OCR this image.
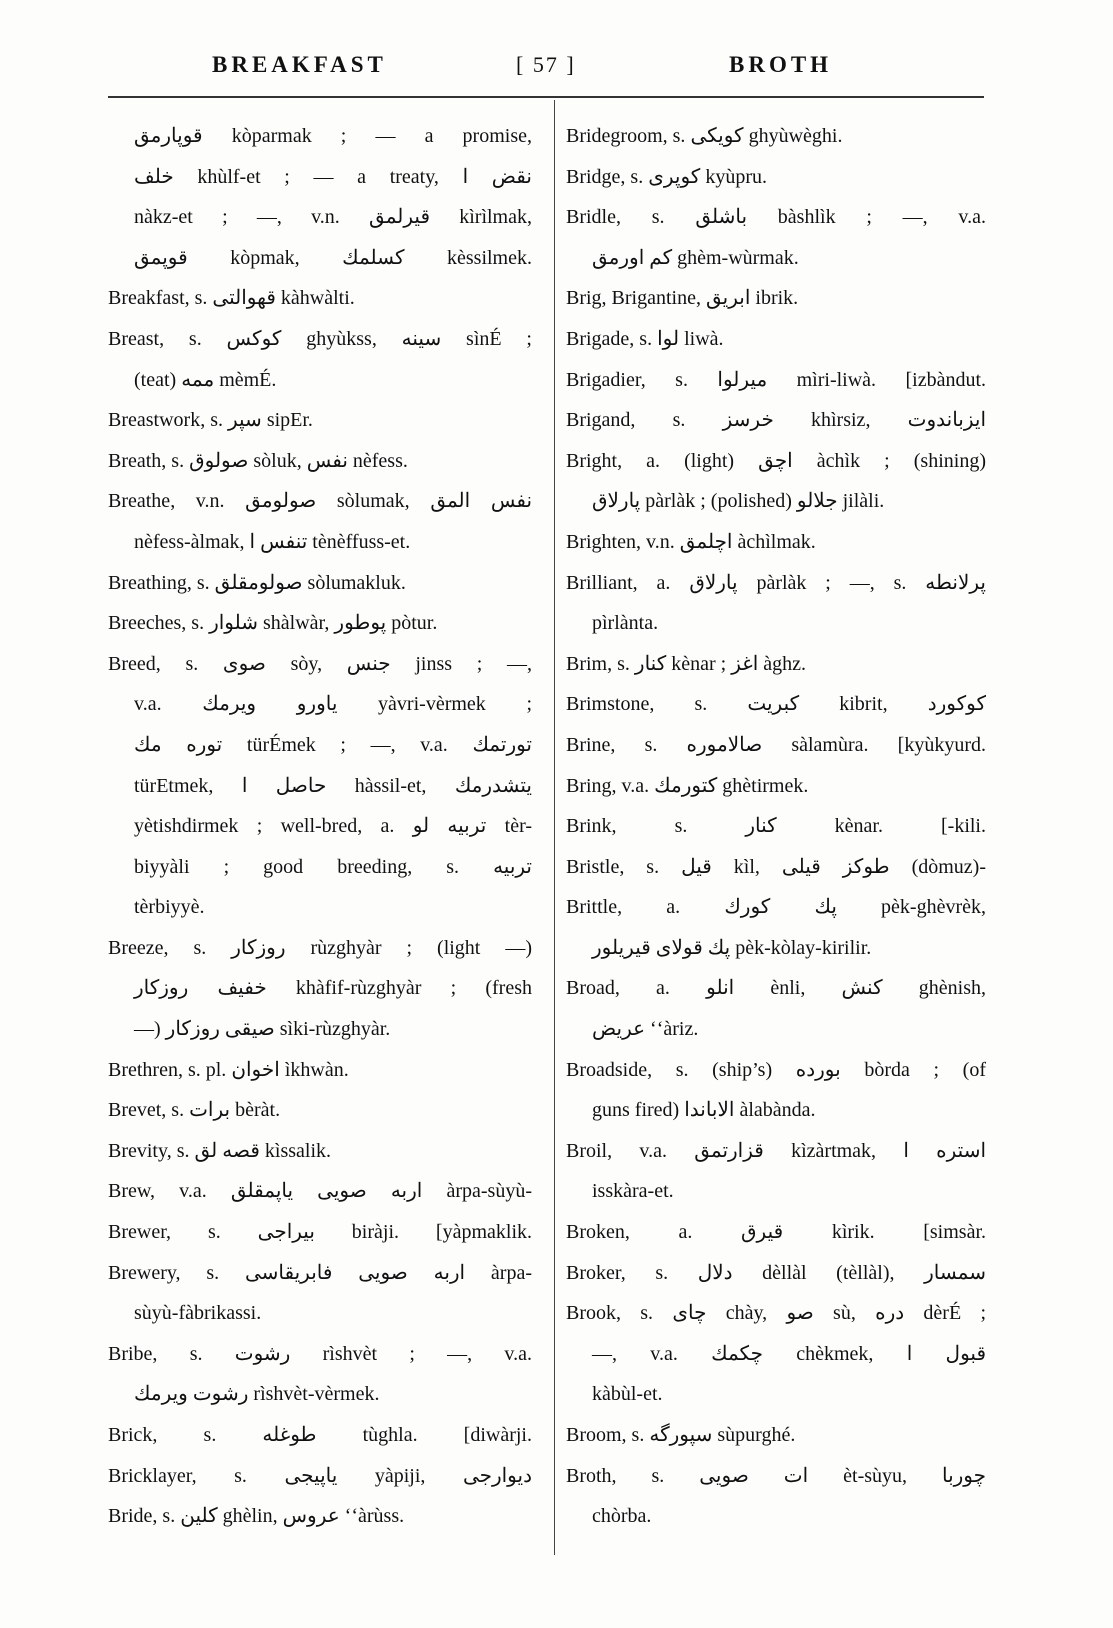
BREAKFAST	[ 57 ]	BROTH
قوپارمق kòparmak ; — a promise,
خلف khùlf-et ; — a treaty, نقض ا
nàkz-et ; —, v.n. قيرلمق kìrìlmak,
قوپمق kòpmak, كسلمك kèssilmek.
Breakfast, s. قهوالتی kàhwàlti.
Breast, s. كوكس ghyùkss, سينه sìnÉ ;
(teat) ممه mèmÉ.
Breastwork, s. سپر sipEr.
Breath, s. صولوق sòluk, نفس nèfess.
Breathe, v.n. صولومق sòlumak, نفس المق
nèfess-àlmak, تنفس ا tènèffuss-et.
Breathing, s. صولومقلق sòlumakluk.
Breeches, s. شلوار shàlwàr, پوطور pòtur.
Breed, s. صوی sòy, جنس jinss ; —,
v.a. ياورو ويرمك yàvri-vèrmek ;
توره مك türÉmek ; —, v.a. تورتمك
türEtmek, حاصل ا hàssil-et, يتشدرمك
yètishdirmek ; well-bred, a. تربيه لو tèr-
biyyàli ; good breeding, s. تربيه
tèrbiyyè.
Breeze, s. روزكار rùzghyàr ; (light —)
خفيف روزكار khàfif-rùzghyàr ; (fresh
—) صيقی روزكار sìki-rùzghyàr.
Brethren, s. pl. اخوان ìkhwàn.
Brevet, s. برات bèràt.
Brevity, s. قصه لق kìssalik.
Brew, v.a. اربه صويی ياپمقلق àrpa-sùyù-
Brewer, s. بيراجی biràji. [yàpmaklik.
Brewery, s. اربه صويی فابريقاسی àrpa-
sùyù-fàbrikassi.
Bribe, s. رشوت rìshvèt ; —, v.a.
رشوت ويرمك rìshvèt-vèrmek.
Brick, s. طوغله tùghla. [diwàrji.
Bricklayer, s. ياپيجی yàpiji, ديوارجی
Bride, s. كلين ghèlin, عروس ʻʻàrùss.
Bridegroom, s. كويكی ghyùwèghi.
Bridge, s. كوپری kyùpru.
Bridle, s. باشلق bàshlìk ; —, v.a.
كم اورمق ghèm-wùrmak.
Brig, Brigantine, ابريق ibrik.
Brigade, s. لوا liwà.
Brigadier, s. ميرلوا mìri-liwà. [izbàndut.
Brigand, s. خرسز khìrsiz, ايزباندوت
Bright, a. (light) اچق àchìk ; (shining)
پارلاق pàrlàk ; (polished) جلالو jilàli.
Brighten, v.n. اچلمق àchìlmak.
Brilliant, a. پارلاق pàrlàk ; —, s. پرلانطه
pìrlànta.
Brim, s. كنار kènar ; اغز àghz.
Brimstone, s. كبريت kibrit, كوكورد
Brine, s. صالاموره sàlamùra. [kyùkyurd.
Bring, v.a. كتورمك ghètirmek.
Brink, s. كنار kènar. [-kili.
Bristle, s. قيل kìl, طوكز قيلی (dòmuz)-
Brittle, a. پك كورك pèk-ghèvrèk,
پك قولای قيريلور pèk-kòlay-kirilir.
Broad, a. انلو ènli, كنش ghènish,
عريض ʻʻàriz.
Broadside, s. (ship’s) بورده bòrda ; (of
guns fired) الاباندا àlabàndа.
Broil, v.a. قزارتمق kìzàrtmak, استره ا
isskàra-et.
Broken, a. قيرق kìrik. [simsàr.
Broker, s. دلال dèllàl (tèllàl), سمسار
Brook, s. چای chày, صو sù, دره dèrÉ ;
—, v.a. چكمك chèkmek, قبول ا
kàbùl-et.
Broom, s. سپورگه sùpurghé.
Broth, s. ات صويی èt-sùyu, چوربا
chòrba.
